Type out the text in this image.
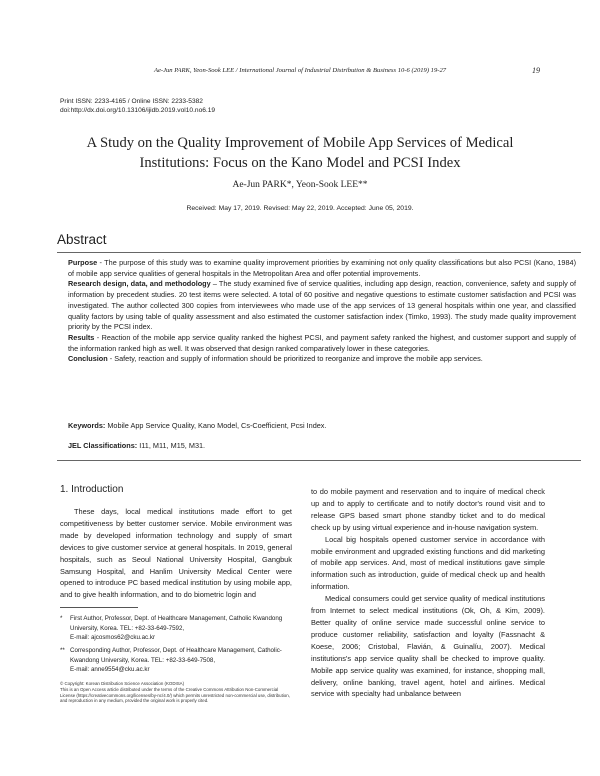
Ae-Jun PARK, Yeon-Sook LEE / International Journal of Industrial Distribution & Business 10-6 (2019) 19-27	19
Print ISSN: 2233-4165 / Online ISSN: 2233-5382
doi:http://dx.doi.org/10.13106/ijidb.2019.vol10.no6.19
A Study on the Quality Improvement of Mobile App Services of Medical
Institutions: Focus on the Kano Model and PCSI Index
Ae-Jun PARK*, Yeon-Sook LEE**
Received: May 17, 2019. Revised: May 22, 2019. Accepted: June 05, 2019.
Abstract

Purpose - The purpose of this study was to examine quality improvement priorities by examining not only quality classifications but also PCSI (Kano, 1984) of mobile app service qualities of general hospitals in the Metropolitan Area and offer potential improvements.

Research design, data, and methodology – The study examined five of service qualities, including app design, reaction, convenience, safety and supply of information by precedent studies. 20 test items were selected. A total of 60 positive and negative questions to estimate customer satisfaction and PCSI was investigated. The author collected 300 copies from interviewees who made use of the app services of 13 general hospitals within one year, and classified quality factors by using table of quality assessment and also estimated the customer satisfaction index (Timko, 1993). The study made quality improvement priority by the PCSI index.

Results - Reaction of the mobile app service quality ranked the highest PCSI, and payment safety ranked the highest, and customer support and supply of the information ranked high as well. It was observed that design ranked comparatively lower in these categories.

Conclusion - Safety, reaction and supply of information should be prioritized to reorganize and improve the mobile app services.

Keywords: Mobile App Service Quality, Kano Model, Cs-Coefficient, Pcsi Index.
JEL Classifications: I11, M11, M15, M31.
1. Introduction

These days, local medical institutions made effort to get competitiveness by better customer service. Mobile environment was made by developed information technology and supply of smart devices to give customer service at general hospitals. In 2019, general hospitals, such as Seoul National University Hospital, Gangbuk Samsung Hospital, and Hanlim University Medical Center were opened to introduce PC based medical institution by using mobile app, and to give health information, and to do biometric login and

*	First Author, Professor, Dept. of Healthcare Management, Catholic Kwandong University, Korea. TEL: +82-33-649-7592,
E-mail: ajcosmos62@cku.ac.kr
** Corresponding Author, Professor, Dept. of Healthcare Management, Catholic-Kwandong University, Korea. TEL: +82-33-649-7508,
E-mail: anne9554@cku.ac.kr
© Copyright: Korean Distribution Science Association (KODISA)
This is an Open Access article distributed under the terms of the Creative Commons Attribution Non-Commercial License (https://creativecommons.org/licenses/by-nc/4.0/) which permits unrestricted non-commercial use, distribution, and reproduction in any medium, provided the original work is properly cited.

to do mobile payment and reservation and to inquire of medical check up and to apply to certificate and to notify doctor's round visit and to release GPS based smart phone standby ticket and to do medical check up by using virtual experience and in-house navigation system.

Local big hospitals opened customer service in accordance with mobile environment and upgraded existing functions and did marketing of mobile app services. And, most of medical institutions gave simple information such as introduction, guide of medical check up and health information.

Medical consumers could get service quality of medical institutions from Internet to select medical institutions (Ok, Oh, & Kim, 2009). Better quality of online service made successful online service to produce customer reliability, satisfaction and loyalty (Fassnacht & Koese, 2006; Cristobal, Flavián, & Guinalíu, 2007). Medical institutions's app service quality shall be checked to improve quality. Mobile app service quality was examined, for instance, shopping mall, delivery, online banking, travel agent, hotel and airlines. Medical service with specialty had unbalance between
